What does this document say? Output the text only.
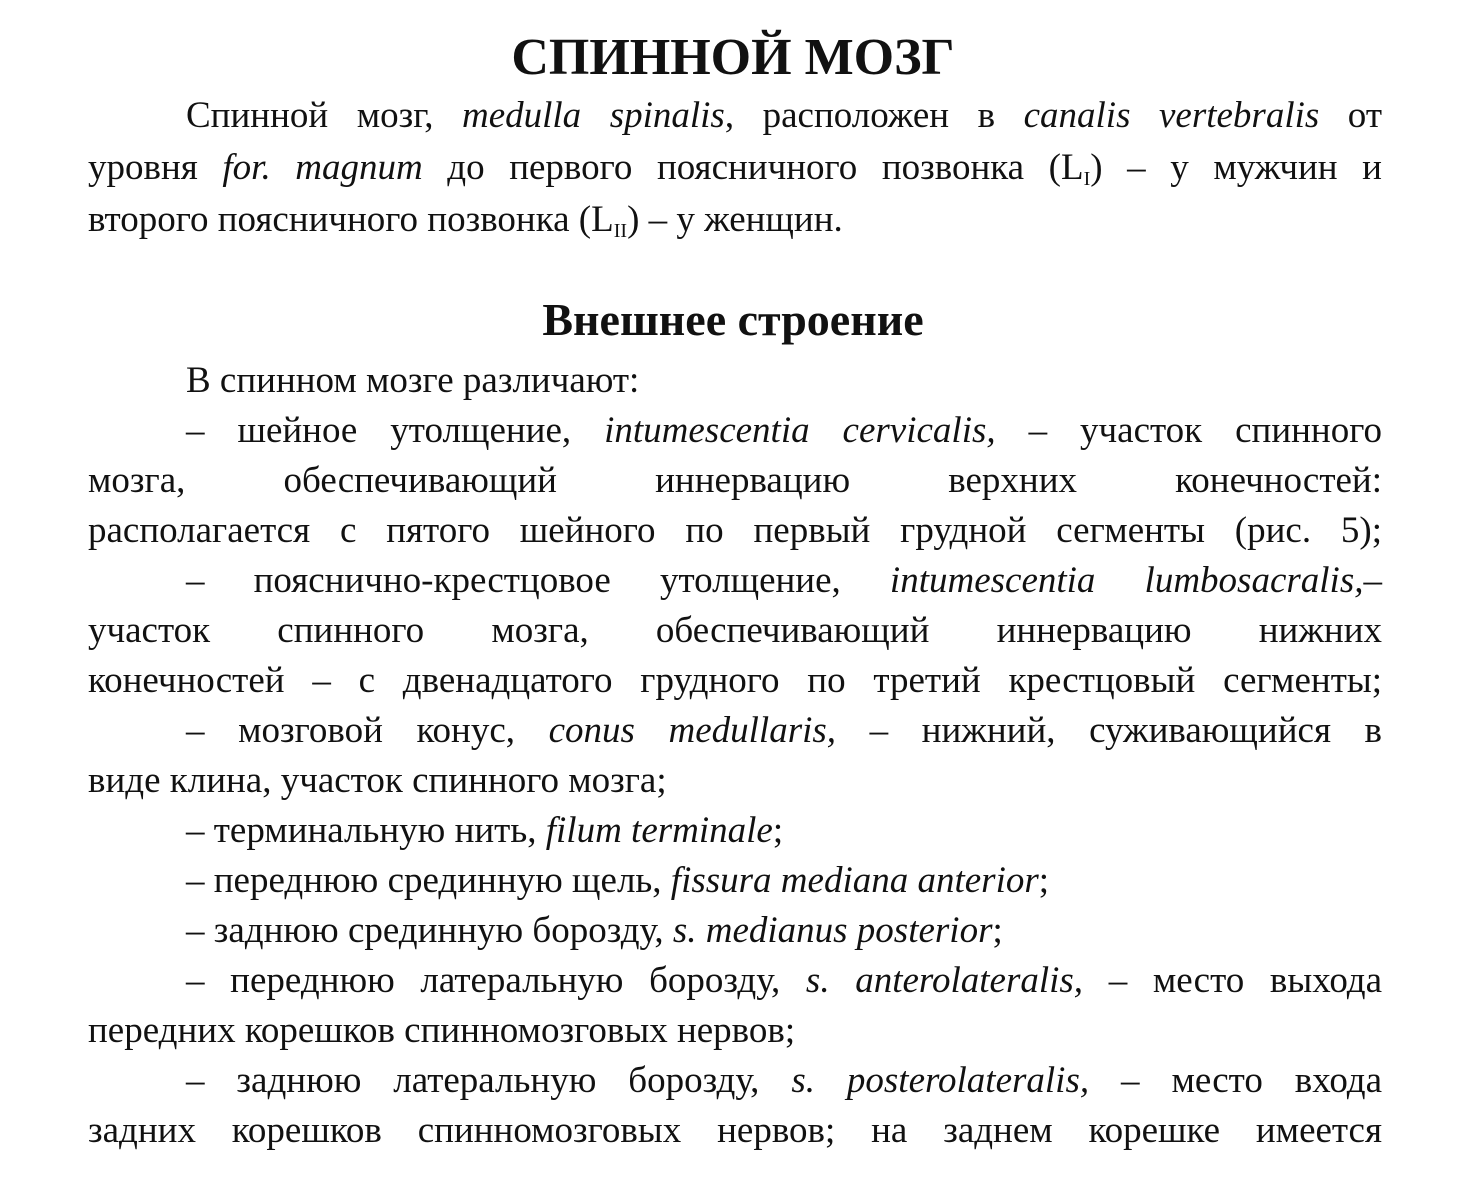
СПИННОЙ МОЗГ
Спинной мозг, medulla spinalis, расположен в canalis vertebralis от
уровня for. magnum до первого поясничного позвонка $(L_I)$ – у мужчин и
второго поясничного позвонка $(L_{II})$ – у женщин.
Внешнее строение
В спинном мозге различают:
– шейное утолщение, intumescentia cervicalis, – участок спинного
мозга, обеспечивающий иннервацию верхних конечностей:
располагается с пятого шейного по первый грудной сегменты (рис. 5);
– пояснично-крестцовое утолщение, intumescentia lumbosacralis,–
участок спинного мозга, обеспечивающий иннервацию нижних
конечностей – с двенадцатого грудного по третий крестцовый сегменты;
– мозговой конус, conus medullaris, – нижний, суживающийся в
виде клина, участок спинного мозга;
– терминальную нить, filum terminale;
– переднюю срединную щель, fissura mediana anterior;
– заднюю срединную борозду, s. medianus posterior;
– переднюю латеральную борозду, s. anterolateralis, – место выхода
передних корешков спинномозговых нервов;
– заднюю латеральную борозду, s. posterolateralis, – место входа
задних корешков спинномозговых нервов; на заднем корешке имеется
